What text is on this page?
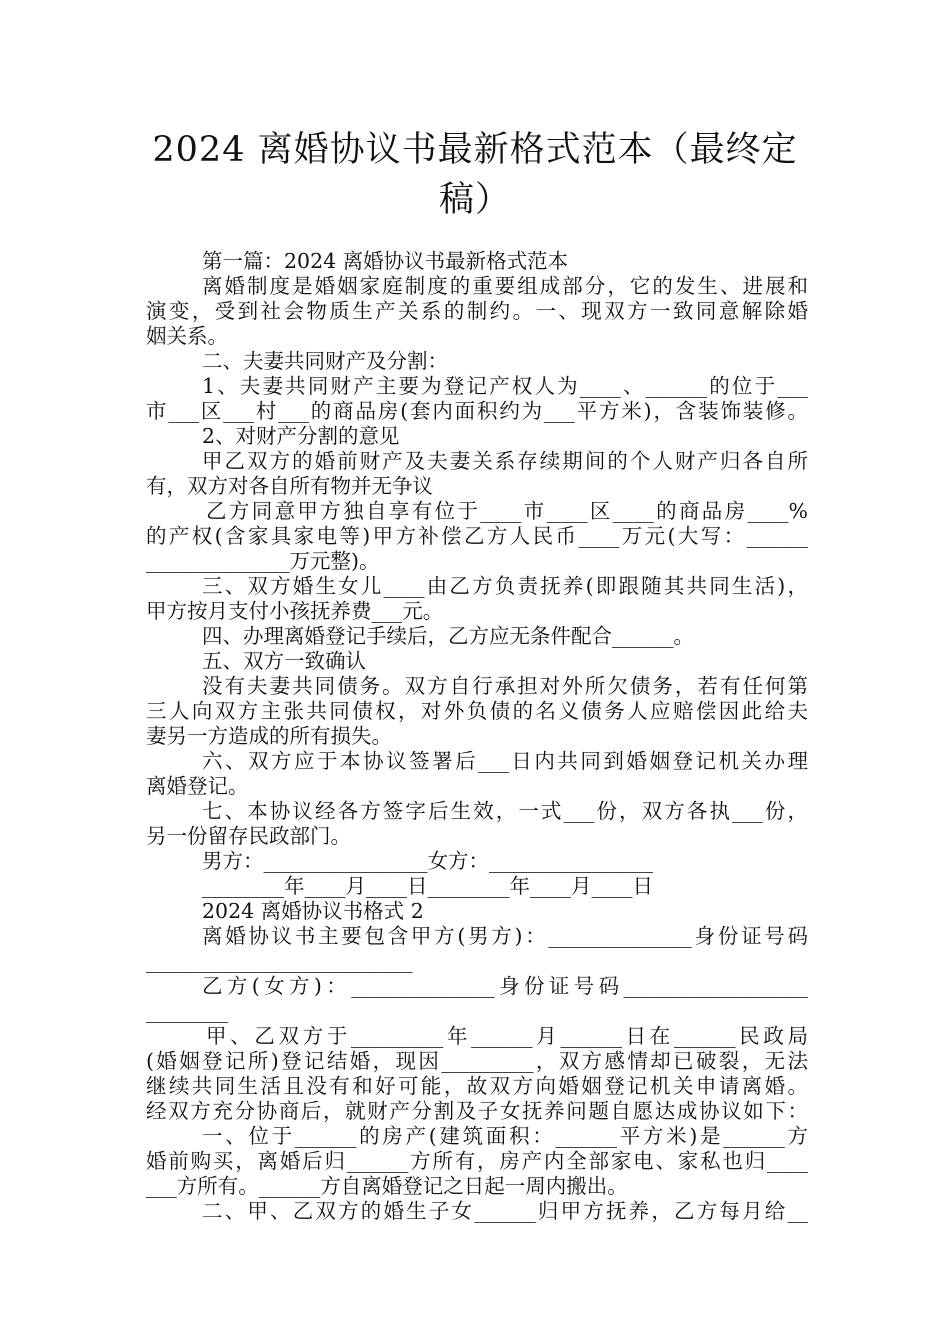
2024 离婚协议书最新格式范本（最终定
稿）
第一篇：2024 离婚协议书最新格式范本
离婚制度是婚姻家庭制度的重要组成部分，它的发生、进展和
演变，受到社会物质生产关系的制约。一、现双方一致同意解除婚
姻关系。
二、夫妻共同财产及分割：
1、夫妻共同财产主要为登记产权人为____、______的位于___
市___区___村___的商品房(套内面积约为___平方米)，含装饰装修。
2、对财产分割的意见
甲乙双方的婚前财产及夫妻关系存续期间的个人财产归各自所
有，双方对各自所有物并无争议
乙方同意甲方独自享有位于____市____区____的商品房____%
的产权(含家具家电等)甲方补偿乙方人民币____万元(大写：______
______________万元整)。
三、双方婚生女儿____由乙方负责抚养(即跟随其共同生活)，
甲方按月支付小孩抚养费___元。
四、办理离婚登记手续后，乙方应无条件配合______。
五、双方一致确认
没有夫妻共同债务。双方自行承担对外所欠债务，若有任何第
三人向双方主张共同债权，对外负债的名义债务人应赔偿因此给夫
妻另一方造成的所有损失。
六、双方应于本协议签署后___日内共同到婚姻登记机关办理
离婚登记。
七、本协议经各方签字后生效，一式___份，双方各执___份，
另一份留存民政部门。
男方：________________女方：________________
________年____月____日________年____月____日
2024 离婚协议书格式 2
离婚协议书主要包含甲方(男方)：______________身份证号码
__________________________
乙方(女方)：______________身份证号码__________________
________
甲、乙双方于_________年______月______日在______民政局
(婚姻登记所)登记结婚，现因_________，双方感情却已破裂，无法
继续共同生活且没有和好可能，故双方向婚姻登记机关申请离婚。
经双方充分协商后，就财产分割及子女抚养问题自愿达成协议如下：
一、位于______的房产(建筑面积：______平方米)是______方
婚前购买，离婚后归______方所有，房产内全部家电、家私也归____
___方所有。______方自离婚登记之日起一周内搬出。
二、甲、乙双方的婚生子女______归甲方抚养，乙方每月给__
